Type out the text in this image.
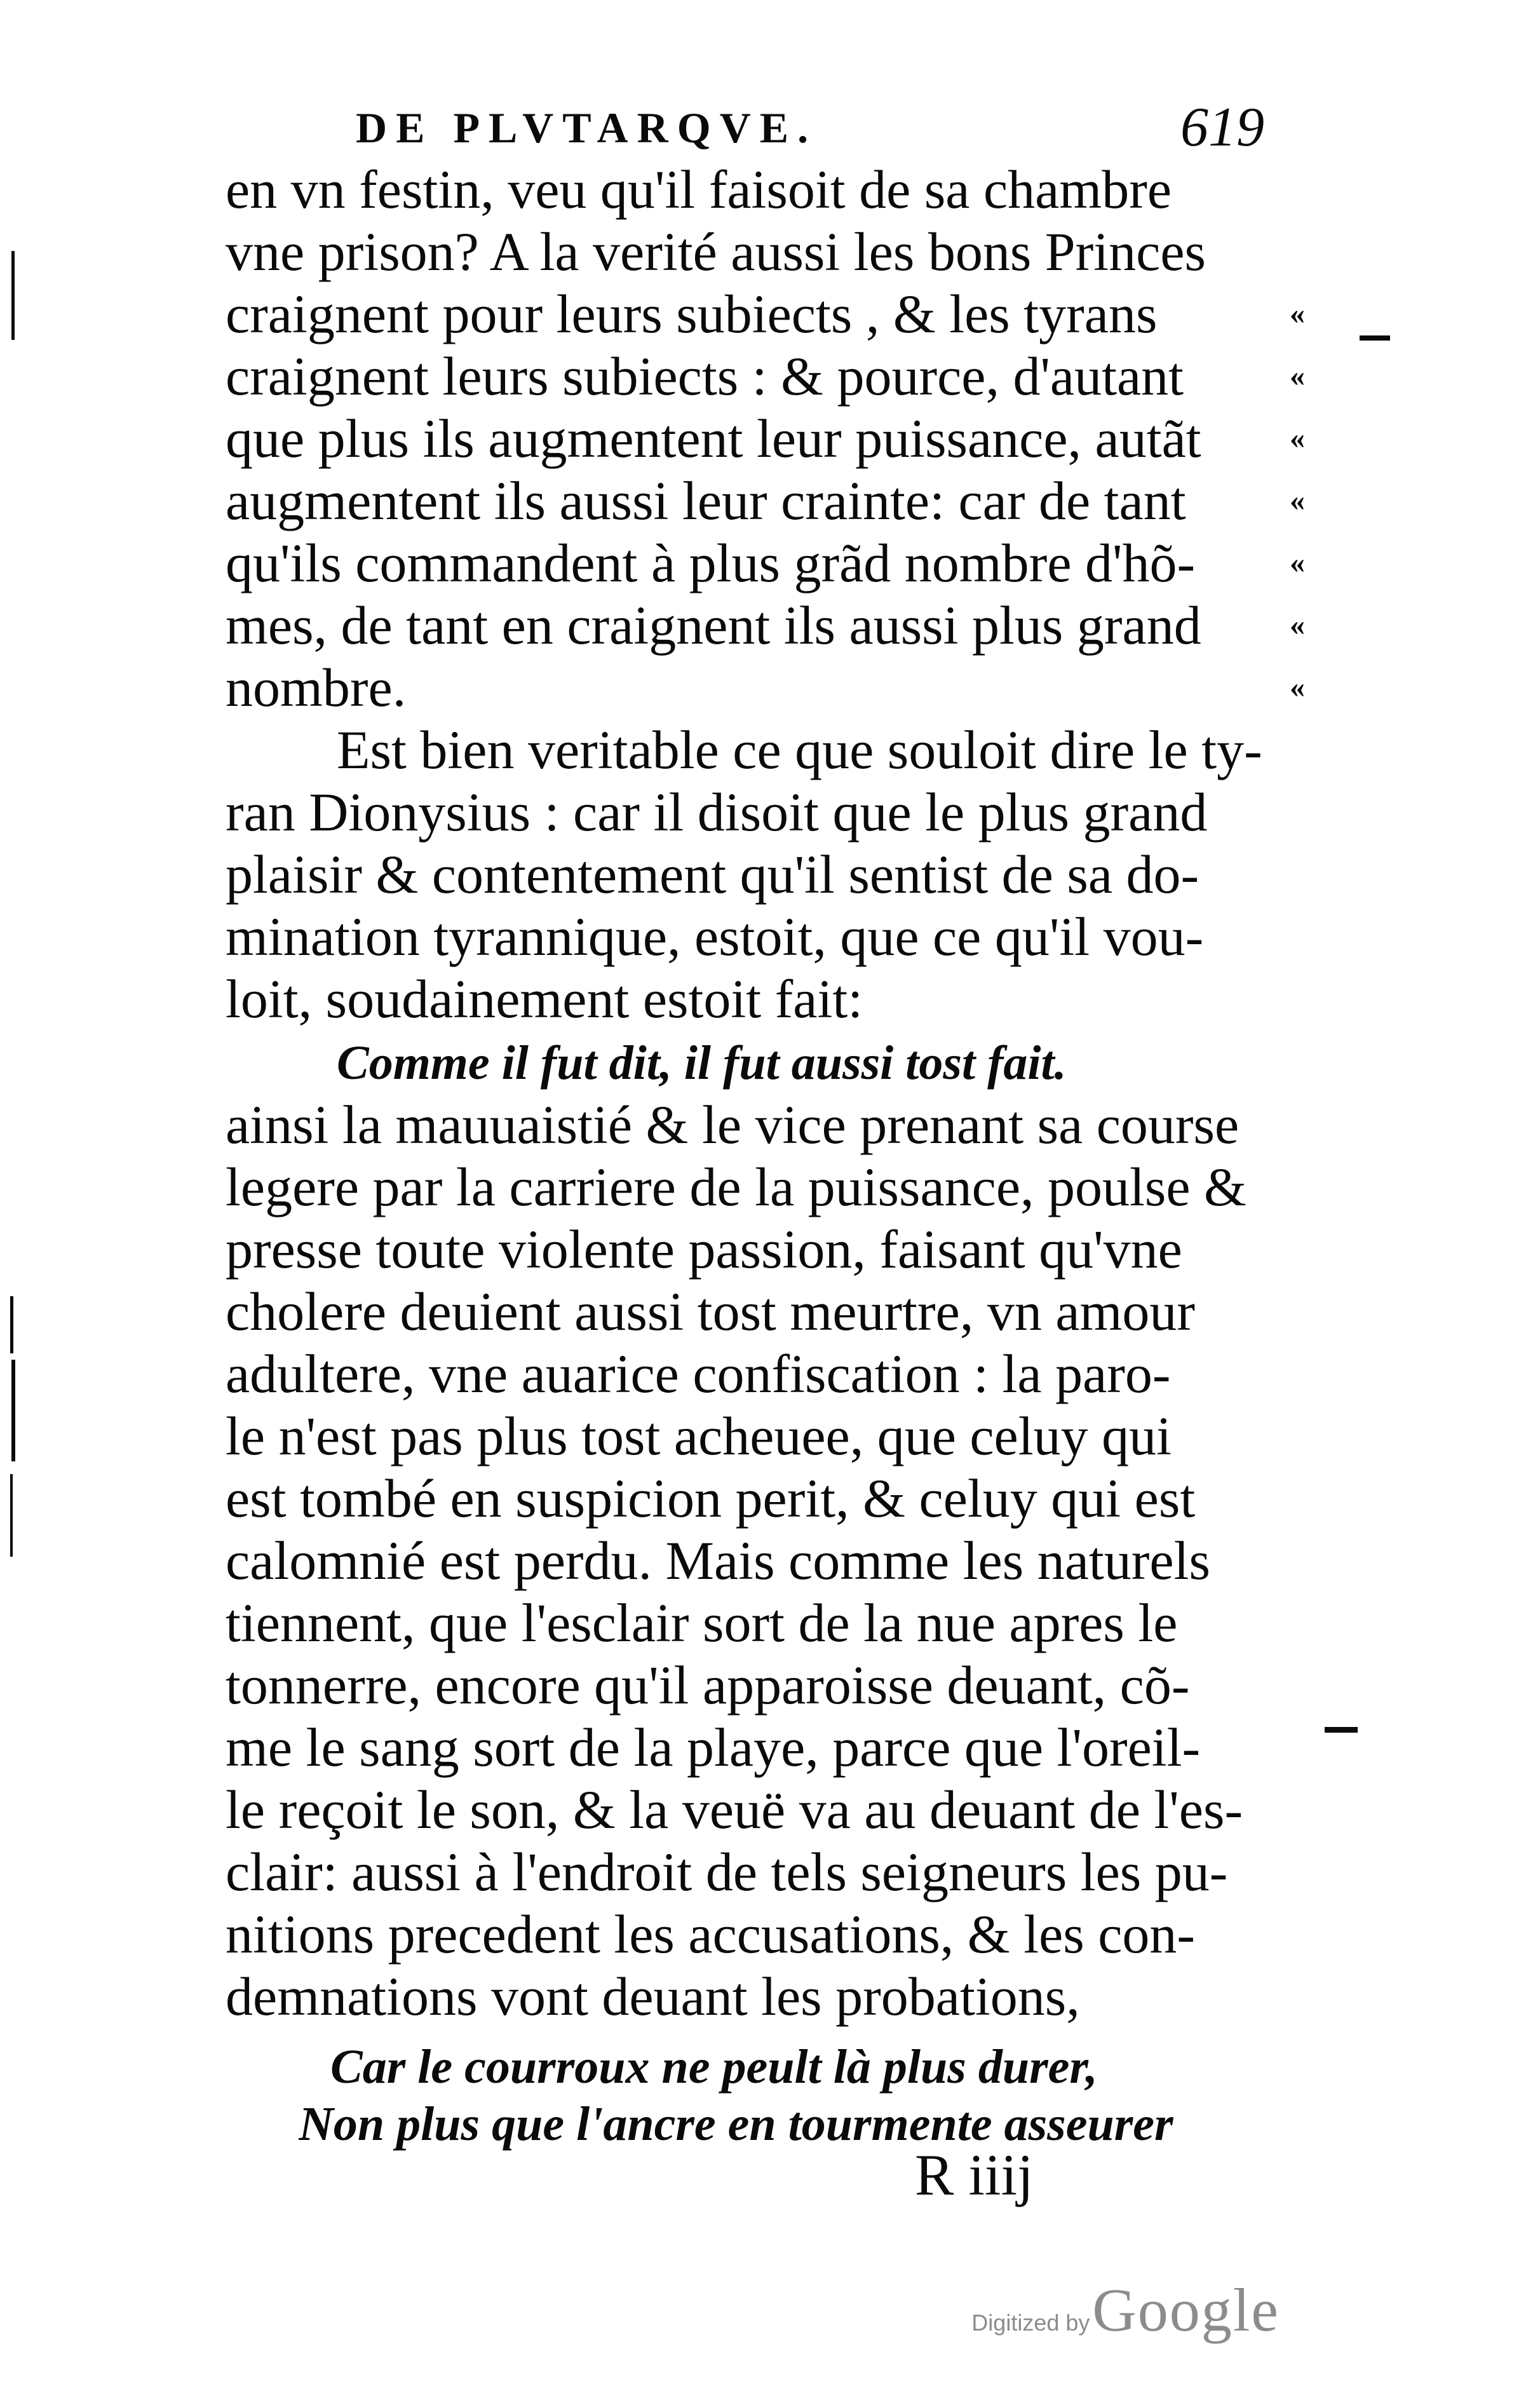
DE PLVTARQVE.	619
en vn festin, veu qu'il faisoit de sa chambre
vne prison? A la verité aussi les bons Princes
craignent pour leurs subiects , & les tyrans
craignent leurs subiects : & pource, d'autant
que plus ils augmentent leur puissance, autãt
augmentent ils aussi leur crainte: car de tant
qu'ils commandent à plus grãd nombre d'hõ-
mes, de tant en craignent ils aussi plus grand
nombre.
Est bien veritable ce que souloit dire le ty-
ran Dionysius : car il disoit que le plus grand
plaisir & contentement qu'il sentist de sa do-
mination tyrannique, estoit, que ce qu'il vou-
loit, soudainement estoit fait:
Comme il fut dit, il fut aussi tost fait.
ainsi la mauuaistié & le vice prenant sa course
legere par la carriere de la puissance, poulse &
presse toute violente passion, faisant qu'vne
cholere deuient aussi tost meurtre, vn amour
adultere, vne auarice confiscation : la paro-
le n'est pas plus tost acheuee, que celuy qui
est tombé en suspicion perit, & celuy qui est
calomnié est perdu. Mais comme les naturels
tiennent, que l'esclair sort de la nue apres le
tonnerre, encore qu'il apparoisse deuant, cõ-
me le sang sort de la playe, parce que l'oreil-
le reçoit le son, & la veuë va au deuant de l'es-
clair: aussi à l'endroit de tels seigneurs les pu-
nitions precedent les accusations, & les con-
demnations vont deuant les probations,
Car le courroux ne peult là plus durer,
Non plus que l'ancre en tourmente asseurer
«
«
«
«
«
«
«
R iiij
Digitized by Google
